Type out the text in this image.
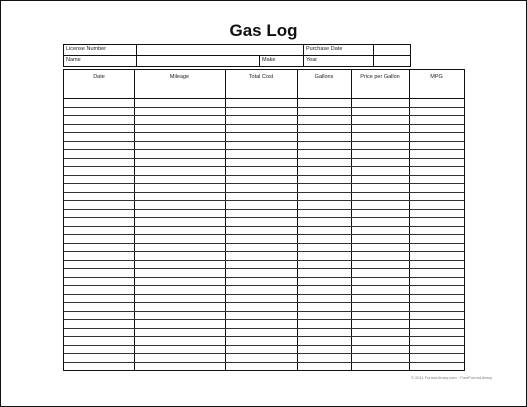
Gas Log
License Number			Purchase Date	
Name		Make	Year	
Date	Mileage	Total Cost	Gallons	Price per Gallon	MPG
© 2011 FormsLibrary.com · FreeFormsLibrary
